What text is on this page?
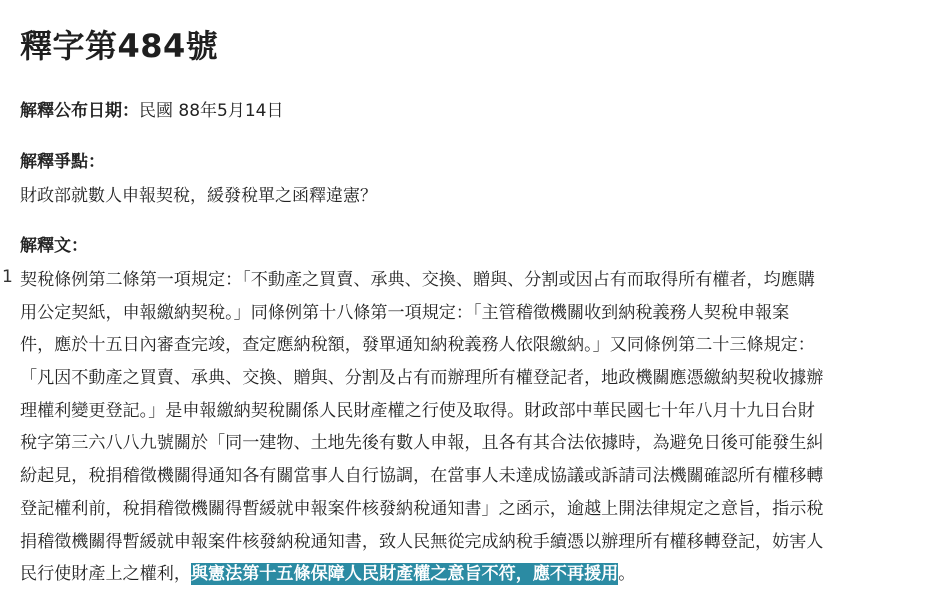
釋字第484號
解釋公布日期：民國 88年5月14日
解釋爭點：
財政部就數人申報契稅，緩發稅單之函釋違憲？
解釋文：
1 契稅條例第二條第一項規定：「不動產之買賣、承典、交換、贈與、分割或因占有而取得所有權者，均應購
用公定契紙，申報繳納契稅。」同條例第十八條第一項規定：「主管稽徵機關收到納稅義務人契稅申報案
件，應於十五日內審查完竣，查定應納稅額，發單通知納稅義務人依限繳納。」又同條例第二十三條規定：
「凡因不動產之買賣、承典、交換、贈與、分割及占有而辦理所有權登記者，地政機關應憑繳納契稅收據辦
理權利變更登記。」是申報繳納契稅關係人民財產權之行使及取得。財政部中華民國七十年八月十九日台財
稅字第三六八八九號關於「同一建物、土地先後有數人申報，且各有其合法依據時，為避免日後可能發生糾
紛起見，稅捐稽徵機關得通知各有關當事人自行協調，在當事人未達成協議或訴請司法機關確認所有權移轉
登記權利前，稅捐稽徵機關得暫緩就申報案件核發納稅通知書」之函示，逾越上開法律規定之意旨，指示稅
捐稽徵機關得暫緩就申報案件核發納稅通知書，致人民無從完成納稅手續憑以辦理所有權移轉登記，妨害人
民行使財產上之權利，與憲法第十五條保障人民財產權之意旨不符，應不再援用。
